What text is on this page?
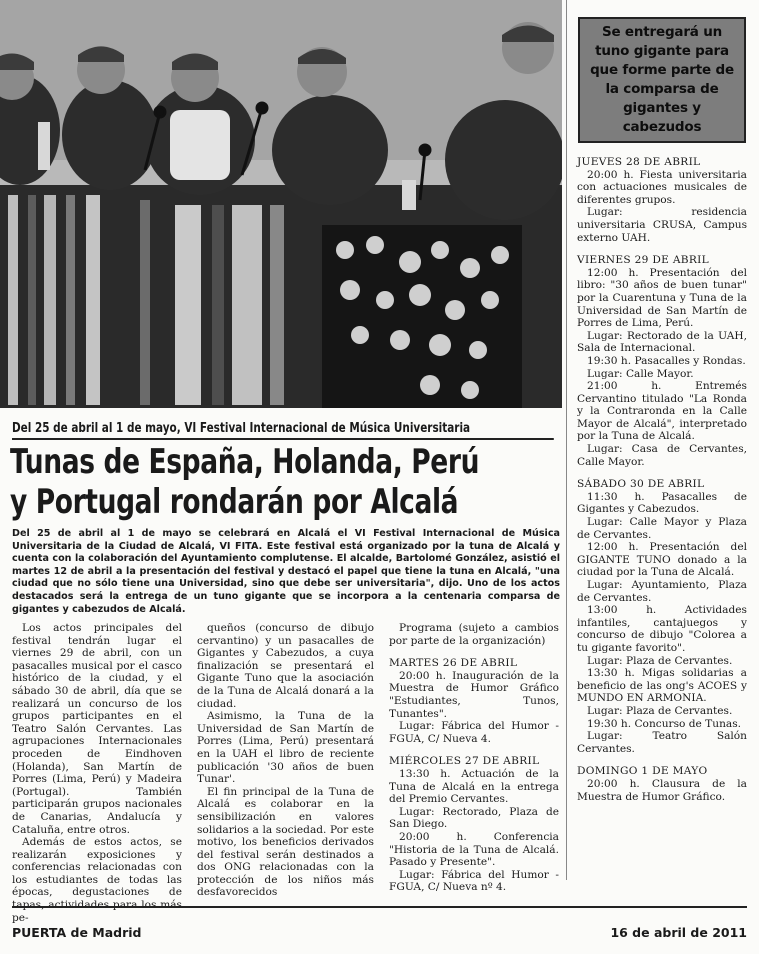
Se entregará un tuno gigante para que forme parte de la comparsa de gigantes y cabezudos
Del 25 de abril al 1 de mayo, VI Festival Internacional de Música Universitaria
Tunas de España, Holanda, Perú
y Portugal rondarán por Alcalá
Del 25 de abril al 1 de mayo se celebrará en Alcalá el VI Festival Internacional de Música Universitaria de la Ciudad de Alcalá, VI FITA. Este festival está organizado por la tuna de Alcalá y cuenta con la colaboración del Ayuntamiento complutense. El alcalde, Bartolomé González, asistió el martes 12 de abril a la presentación del festival y destacó el papel que tiene la tuna en Alcalá, "una ciudad que no sólo tiene una Universidad, sino que debe ser universitaria", dijo. Uno de los actos destacados será la entrega de un tuno gigante que se incorpora a la centenaria comparsa de gigantes y cabezudos de Alcalá.

Los actos principales del festival tendrán lugar el viernes 29 de abril, con un pasacalles musical por el casco histórico de la ciudad, y el sábado 30 de abril, día que se realizará un concurso de los grupos participantes en el Teatro Salón Cervantes. Las agrupaciones Internacionales proceden de Eindhoven (Holanda), San Martín de Porres (Lima, Perú) y Madeira (Portugal). También participarán grupos nacionales de Canarias, Andalucía y Cataluña, entre otros.

Además de estos actos, se realizarán exposiciones y conferencias relacionadas con los estudiantes de todas las épocas, degustaciones de pe-

queños (concurso de dibujo cervantino) y un pasacalles de Gigantes y Cabezudos, a cuya finalización se presentará el Gigante Tuno que la asociación de la Tuna de Alcalá donará a la ciudad.

Asimismo, la Tuna de la Universidad de San Martín de Porres (Lima, Perú) presentará en la UAH el libro de reciente publicación '30 años de buen Tunar'.

El fin principal de la Tuna de Alcalá es colaborar en la sensibilización en valores solidarios a la sociedad. Por este motivo, los beneficios derivados del festival serán destinados a dos ONG relacionadas con la protección de los niños más desfavorecidos

Programa (sujeto a cambios por parte de la organización)

MARTES 26 DE ABRIL

20:00 h. Inauguración de la Muestra de Humor Gráfico "Estudiantes, Tunos, Tunantes".

Lugar: Fábrica del Humor - FGUA, C/ Nueva 4.

MIÉRCOLES 27 DE ABRIL

13:30 h. Actuación de la Tuna de Alcalá en la entrega del Premio Cervantes.

Lugar: Rectorado, Plaza de San Diego.

20:00 h. Conferencia "Historia de la Tuna de Alcalá. Pasado y Presente".

Lugar: Fábrica del Humor - FGUA, C/ Nueva nº 4.

JUEVES 28 DE ABRIL

20:00 h. Fiesta universitaria con actuaciones musicales de diferentes grupos.

Lugar: residencia universitaria CRUSA, Campus externo UAH.

VIERNES 29 DE ABRIL

12:00 h. Presentación del libro: "30 años de buen tunar" por la Cuarentuna y Tuna de la Universidad de San Martín de Porres de Lima, Perú.

Lugar: Rectorado de la UAH, Sala de Internacional.

19:30 h. Pasacalles y Rondas.

Lugar: Calle Mayor.

21:00 h. Entremés Cervantino titulado "La Ronda y la Contraronda en la Calle Mayor de Alcalá", interpretado por la Tuna de Alcalá.

Lugar: Casa de Cervantes, Calle Mayor.

SÁBADO 30 DE ABRIL

11:30 h. Pasacalles de Gigantes y Cabezudos.

Lugar: Calle Mayor y Plaza de Cervantes.

12:00 h. Presentación del GIGANTE TUNO donado a la ciudad por la Tuna de Alcalá.

Lugar: Ayuntamiento, Plaza de Cervantes.

13:00 h. Actividades infantiles, cantajuegos y concurso de dibujo "Colorea a tu gigante favorito".

Lugar: Plaza de Cervantes.

13:30 h. Migas solidarias a beneficio de las ong's ACOES y MUNDO EN ARMONIA.

Lugar: Plaza de Cervantes.

19:30 h. Concurso de Tunas.

Lugar: Teatro Salón Cervantes.

DOMINGO 1 DE MAYO

20:00 h. Clausura de la Muestra de Humor Gráfico.

PUERTA de Madrid	16 de abril de 2011
